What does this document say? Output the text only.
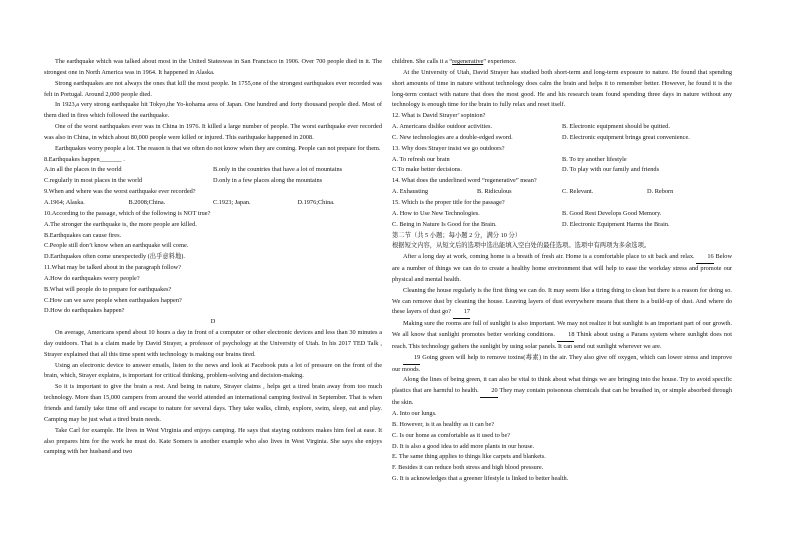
The earthquake which was talked about most in the United Stateswas in San Francisco in 1906. Over 700 people died in it. The strongest one in North America was in 1964. It happened in Alaska.

Strong earthquakes are not always the ones that kill the most people. In 1755,one of the strongest earthquakes ever recorded was felt in Portugal. Around 2,000 people died.

In 1923,a very strong earthquake hit Tokyo,the Yo-kohama area of Japan. One hundred and forty thousand people died. Most of them died in fires which followed the earthquake.

One of the worst earthquakes ever was in China in 1976. It killed a large number of people. The worst earthquake ever recorded was also in China, in which about 80,000 people were killed or injured. This earthquake happened in 2008.

Earthquakes worry people a lot. The reason is that we often do not know when they are coming. People can not prepare for them.

8.Earthquakes happen_______ .

A.in all the places in the world	B.only in the countries that have a lot of mountains
C.regularly in most places in the world	D.only in a few places along the mountains

9.When and where was the worst earthquake ever recorded?

A.1964; Alaska.	B.2008;China.	C.1923; Japan.	D.1976;China.

10.According to the passage, which of the following is NOT true?

A.The stronger the earthquake is, the more people are killed.

B.Earthquakes can cause fires.

C.People still don’t know when an earthquake will come.

D.Earthquakes often come unexpectedly (出乎意料地).

11.What may be talked about in the paragraph follow?

A.How do earthquakes worry people?

B.What will people do to prepare for earthquakes?

C.How can we save people when earthquakes happen?

D.How do earthquakes happen?

D

On average, Americans spend about 10 hours a day in front of a computer or other electronic devices and less than 30 minutes a day outdoors. That is a claim made by David Strayer, a professor of psychology at the University of Utah. In his 2017 TED Talk , Strayer explained that all this time spent with technology is making our brains tired.

Using an electronic device to answer emails, listen to the news and look at Facebook puts a lot of pressure on the front of the brain, which, Strayer explains, is important for critical thinking, problem-solving and decision-making.

So it is important to give the brain a rest. And being in nature, Strayer claims , helps get a tired brain away from too much technology. More than 15,000 campers from around the world attended an international camping festival in September. That is when friends and family take time off and escape to nature for several days. They take walks, climb, explore, swim, sleep, eat and play. Camping may be just what a tired brain needs.

Take Carl for example. He lives in West Virginia and enjoys camping. He says that staying outdoors makes him feel at ease. It also prepares him for the work he must do. Kate Somers is another example who also lives in West Virginia. She says she enjoys camping with her husband and two

children. She calls it a “regenerative” experience.

At the University of Utah, David Strayer has studied both short-term and long-term exposure to nature. He found that spending short amounts of time in nature without technology does calm the brain and helps it to remember better. However, he found it is the long-term contact with nature that does the most good. He and his research team found spending three days in nature without any technology is enough time for the brain to fully relax and reset itself.

12. What is David Strayer’ sopinion?

A. Americans dislike outdoor activities.	B. Electronic equipment should be quitted.
C. New technologies are a double-edged sword.	D. Electronic equipment brings great convenience.

13. Why does Strayer insist we go outdoors?

A. To refresh our brain	B. To try another lifestyle
C To make better decisions.	D. To play with our family and friends

14. What does the underlined word “regenerative” mean?

A. Exhausting	B. Ridiculous	C. Relevant.	D. Reborn

15. Which is the proper title for the passage?

A. How to Use New Technologies.	B. Good Rest Develops Good Memory.
C. Being in Nature Is Good for the Brain.	D. Electronic Equipment Harms the Brain.

第二节（共 5 小题；每小题 2 分，满分 10 分）

根据短文内容，从短文后的选项中选出能填入空白处的最佳选项。选项中有两项为多余选项。

After a long day at work, coming home is a breath of fresh air. Home is a comfortable place to sit back and relax. 16 Below are a number of things we can do to create a healthy home environment that will help to ease the workday stress and promote our physical and mental health.

Cleaning the house regularly is the first thing we can do. It may seem like a tiring thing to clean but there is a reason for doing so. We can remove dust by cleaning the house. Leaving layers of dust everywhere means that there is a build-up of dust. And where do these layers of dust go? 17

Making sure the rooms are full of sunlight is also important. We may not realize it but sunlight is an important part of our growth. We all know that sunlight promotes better working conditions. 18 Think about using a Parans system where sunlight does not reach. This technology gathers the sunlight by using solar panels. It can send out sunlight wherever we are.

19 Going green will help to remove toxins(毒素) in the air. They also give off oxygen, which can lower stress and improve our moods.

Along the lines of being green, it can also be vital to think about what things we are bringing into the house. Try to avoid specific plastics that are harmful to health. 20 They may contain poisonous chemicals that can be breathed in, or simple absorbed through the skin.

A. Into our lungs.

B. However, is it as healthy as it can be?

C. Is our home as comfortable as it used to be?

D. It is also a good idea to add more plants in our house.

E. The same thing applies to things like carpets and blankets.

F. Besides it can reduce both stress and high blood pressure.

G. It is acknowledges that a greener lifestyle is linked to better health.
